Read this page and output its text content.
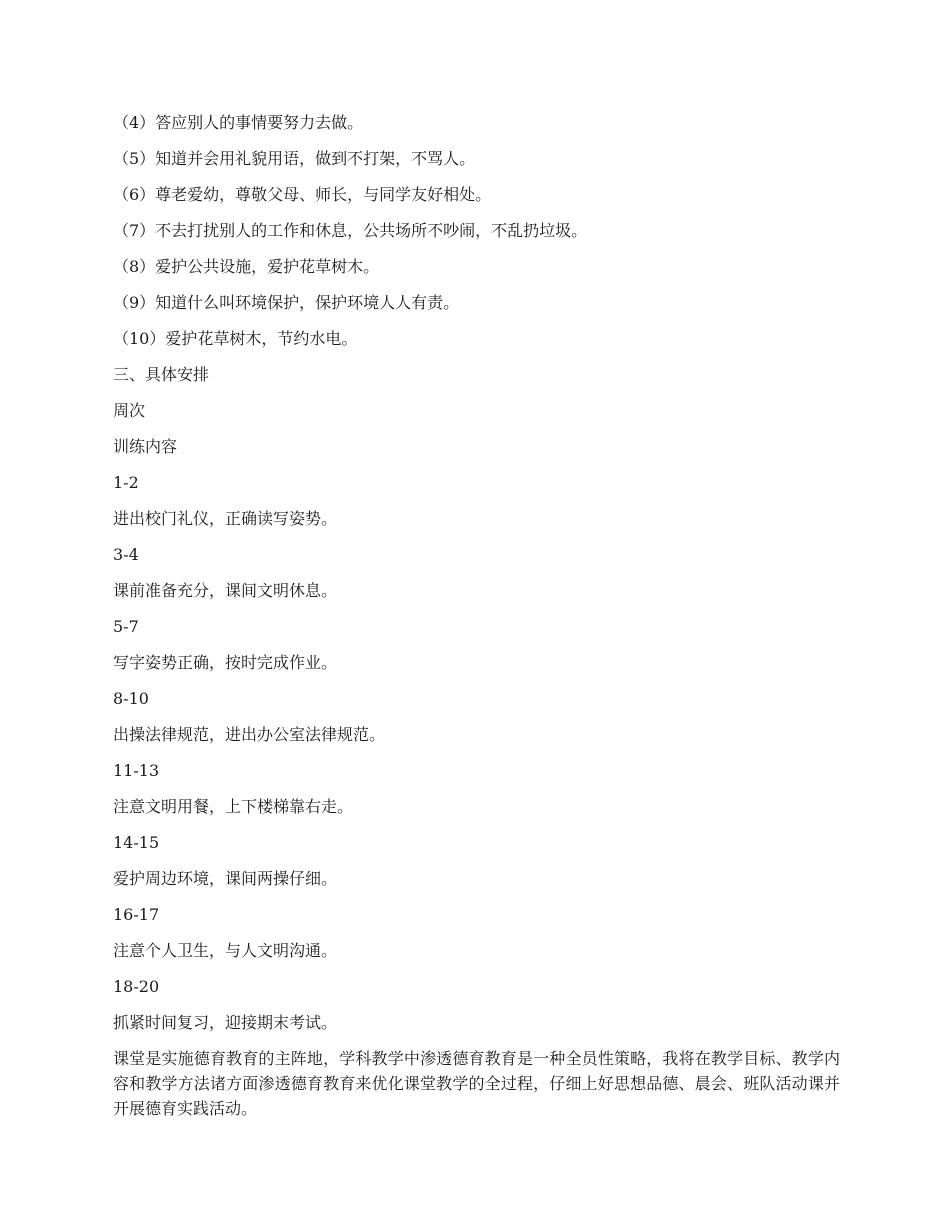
（4）答应别人的事情要努力去做。
（5）知道并会用礼貌用语，做到不打架，不骂人。
（6）尊老爱幼，尊敬父母、师长，与同学友好相处。
（7）不去打扰别人的工作和休息，公共场所不吵闹，不乱扔垃圾。
（8）爱护公共设施，爱护花草树木。
（9）知道什么叫环境保护，保护环境人人有责。
（10）爱护花草树木，节约水电。
三、具体安排
周次
训练内容
1-2
进出校门礼仪，正确读写姿势。
3-4
课前准备充分，课间文明休息。
5-7
写字姿势正确，按时完成作业。
8-10
出操法律规范，进出办公室法律规范。
11-13
注意文明用餐，上下楼梯靠右走。
14-15
爱护周边环境，课间两操仔细。
16-17
注意个人卫生，与人文明沟通。
18-20
抓紧时间复习，迎接期末考试。
课堂是实施德育教育的主阵地，学科教学中渗透德育教育是一种全员性策略，我将在教学目标、教学内容和教学方法诸方面渗透德育教育来优化课堂教学的全过程，仔细上好思想品德、晨会、班队活动课并开展德育实践活动。
